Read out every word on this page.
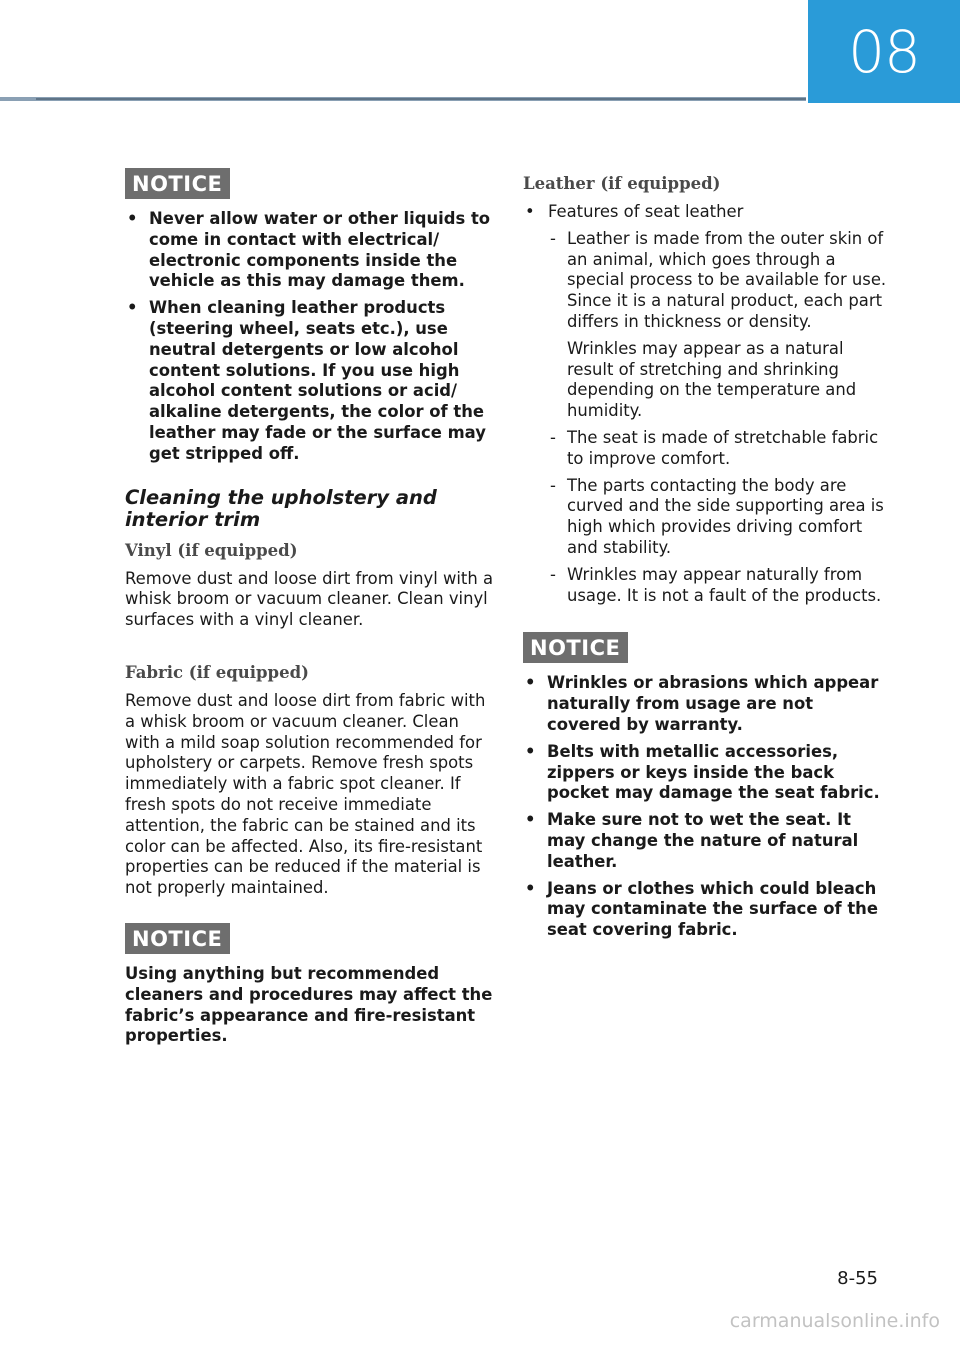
08
NOTICE
• Never allow water or other liquids to come in contact with electrical/ electronic components inside the vehicle as this may damage them.
• When cleaning leather products (steering wheel, seats etc.), use neutral detergents or low alcohol content solutions. If you use high alcohol content solutions or acid/ alkaline detergents, the color of the leather may fade or the surface may get stripped off.
Cleaning the upholstery and interior trim
Vinyl (if equipped)

Remove dust and loose dirt from vinyl with a whisk broom or vacuum cleaner. Clean vinyl surfaces with a vinyl cleaner.

Fabric (if equipped)

Remove dust and loose dirt from fabric with a whisk broom or vacuum cleaner. Clean with a mild soap solution recommended for upholstery or carpets. Remove fresh spots immediately with a fabric spot cleaner. If fresh spots do not receive immediate attention, the fabric can be stained and its color can be affected. Also, its fire-resistant properties can be reduced if the material is not properly maintained.

NOTICE
Using anything but recommended cleaners and procedures may affect the fabric’s appearance and fire-resistant properties.
Leather (if equipped)
• Features of seat leather
- Leather is made from the outer skin of an animal, which goes through a special process to be available for use. Since it is a natural product, each part differs in thickness or density.

Wrinkles may appear as a natural result of stretching and shrinking depending on the temperature and humidity.

- The seat is made of stretchable fabric to improve comfort.

- The parts contacting the body are curved and the side supporting area is high which provides driving comfort and stability.

- Wrinkles may appear naturally from usage. It is not a fault of the products.

NOTICE
• Wrinkles or abrasions which appear naturally from usage are not covered by warranty.
• Belts with metallic accessories, zippers or keys inside the back pocket may damage the seat fabric.
• Make sure not to wet the seat. It may change the nature of natural leather.
• Jeans or clothes which could bleach may contaminate the surface of the seat covering fabric.
8-55
carmanualsonline.info
